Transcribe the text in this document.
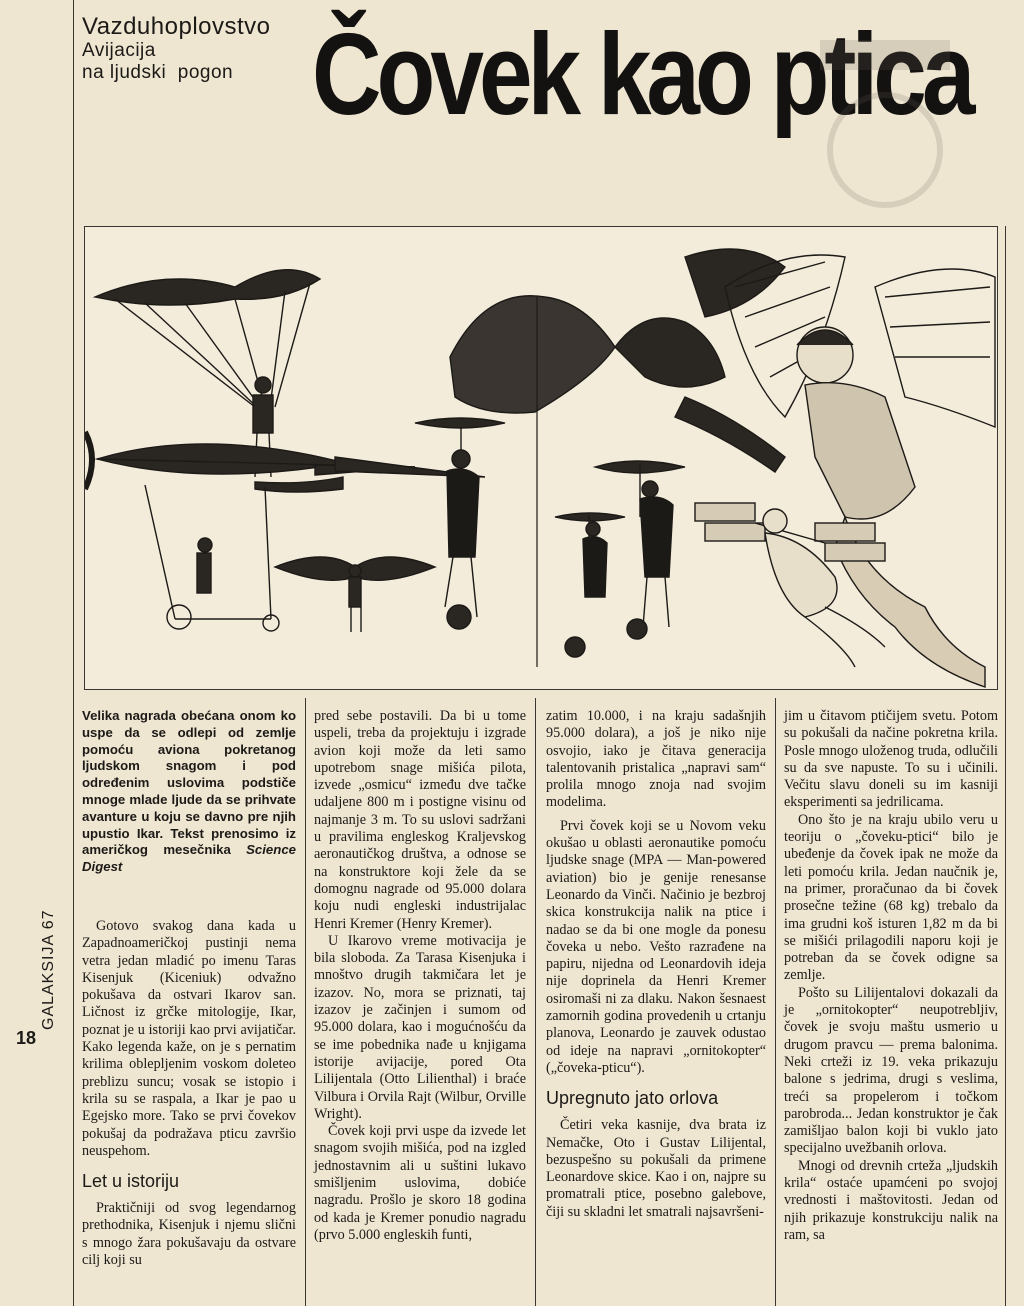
Vazduhoplovstvo
Avijacija
na ljudski  pogon Čovek kao ptica
GALAKSIJA 67
18

Velika nagrada obećana onom ko uspe da se odlepi od zemlje pomoću aviona pokretanog ljudskom snagom i pod određenim uslovima podstiče mnoge mlade ljude da se prihvate avanture u koju se davno pre njih upustio Ikar. Tekst prenosimo iz američkog mesečnika Science Digest

Gotovo svakog dana kada u Zapadnoameričkoj pustinji nema vetra jedan mladić po imenu Taras Kisenjuk (Kiceniuk) odvažno pokušava da ostvari Ikarov san. Ličnost iz grčke mitologije, Ikar, poznat je u istoriji kao prvi avijatičar. Kako legenda kaže, on je s pernatim krilima oblepljenim voskom doleteo preblizu suncu; vosak se istopio i krila su se raspala, a Ikar je pao u Egejsko more. Tako se prvi čovekov pokušaj da podražava pticu završio neuspehom.

Let u istoriju

Praktičniji od svog legendarnog prethodnika, Kisenjuk i njemu slični s mnogo žara pokušavaju da ostvare cilj koji su

pred sebe postavili. Da bi u tome uspeli, treba da projektuju i izgrade avion koji može da leti samo upotrebom snage mišića pilota, izvede „osmicu“ između dve tačke udaljene 800 m i postigne visinu od najmanje 3 m. To su uslovi sadržani u pravilima engleskog Kraljevskog aeronautičkog društva, a odnose se na konstruktore koji žele da se domognu nagrade od 95.000 dolara koju nudi engleski industrijalac Henri Kremer (Henry Kremer).

U Ikarovo vreme motivacija je bila sloboda. Za Tarasa Kisenjuka i mnoštvo drugih takmičara let je izazov. No, mora se priznati, taj izazov je začinjen i sumom od 95.000 dolara, kao i mogućnošću da se ime pobednika nađe u knjigama istorije avijacije, pored Ota Lilijentala (Otto Lilienthal) i braće Vilbura i Orvila Rajt (Wilbur, Orville Wright).

Čovek koji prvi uspe da izvede let snagom svojih mišića, pod na izgled jednostavnim ali u suštini lukavo smišljenim uslovima, dobiće nagradu. Prošlo je skoro 18 godina od kada je Kremer ponudio nagradu (prvo 5.000 engleskih funti,

zatim 10.000, i na kraju sadašnjih 95.000 dolara), a još je niko nije osvojio, iako je čitava generacija talentovanih pristalica „napravi sam“ prolila mnogo znoja nad svojim modelima.

Prvi čovek koji se u Novom veku okušao u oblasti aeronautike pomoću ljudske snage (MPA — Man-powered aviation) bio je genije renesanse Leonardo da Vinči. Načinio je bezbroj skica konstrukcija nalik na ptice i nadao se da bi one mogle da ponesu čoveka u nebo. Vešto razrađene na papiru, nijedna od Leonardovih ideja nije doprinela da Henri Kremer osiromaši ni za dlaku. Nakon šesnaest zamornih godina provedenih u crtanju planova, Leonardo je zauvek odustao od ideje na napravi „ornitokopter“ („čoveka-pticu“).

Upregnuto jato orlova

Četiri veka kasnije, dva brata iz Nemačke, Oto i Gustav Lilijental, bezuspešno su pokušali da primene Leonardove skice. Kao i on, najpre su promatrali ptice, posebno galebove, čiji su skladni let smatrali najsavršeni-

jim u čitavom ptičijem svetu. Potom su pokušali da načine pokretna krila. Posle mnogo uloženog truda, odlučili su da sve napuste. To su i učinili. Večitu slavu doneli su im kasniji eksperimenti sa jedrilicama.

Ono što je na kraju ubilo veru u teoriju o „čoveku-ptici“ bilo je ubeđenje da čovek ipak ne može da leti pomoću krila. Jedan naučnik je, na primer, proračunao da bi čovek prosečne težine (68 kg) trebalo da ima grudni koš isturen 1,82 m da bi se mišići prilagodili naporu koji je potreban da se čovek odigne sa zemlje.

Pošto su Lilijentalovi dokazali da je „ornitokopter“ neupotrebljiv, čovek je svoju maštu usmerio u drugom pravcu — prema balonima. Neki crteži iz 19. veka prikazuju balone s jedrima, drugi s veslima, treći sa propelerom i točkom parobroda... Jedan konstruktor je čak zamišljao balon koji bi vuklo jato specijalno uvežbanih orlova.

Mnogi od drevnih crteža „ljudskih krila“ ostaće upamćeni po svojoj vrednosti i maštovitosti. Jedan od njih prikazuje konstrukciju nalik na ram, sa
